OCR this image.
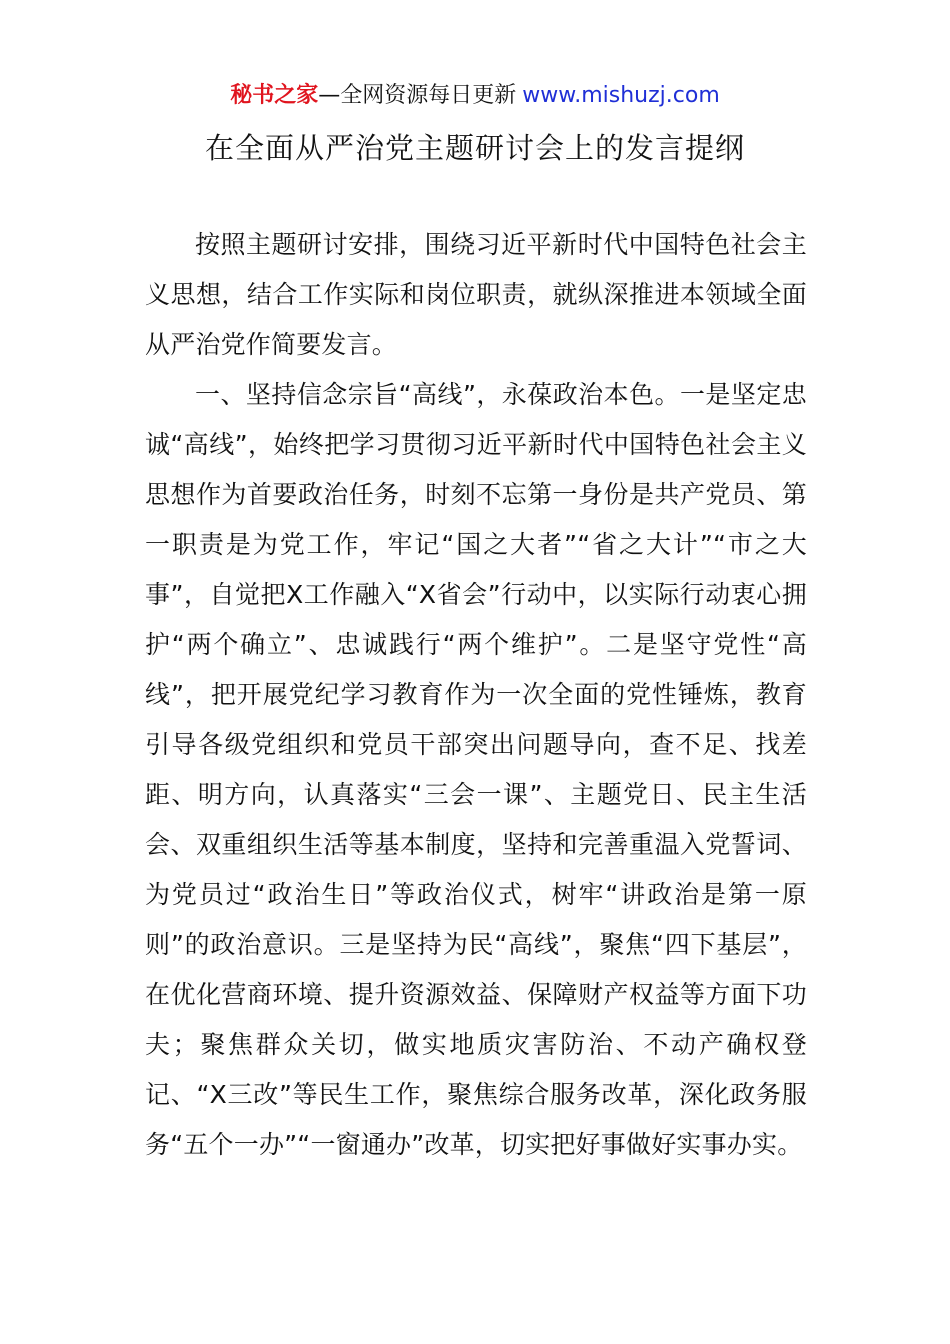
秘书之家—全网资源每日更新 www.mishuzj.com
在全面从严治党主题研讨会上的发言提纲

按照主题研讨安排，围绕习近平新时代中国特色社会主义思想，结合工作实际和岗位职责，就纵深推进本领域全面从严治党作简要发言。

一、坚持信念宗旨“高线”，永葆政治本色。一是坚定忠诚“高线”，始终把学习贯彻习近平新时代中国特色社会主义思想作为首要政治任务，时刻不忘第一身份是共产党员、第一职责是为党工作，牢记“国之大者”“省之大计”“市之大事”，自觉把X工作融入“X省会”行动中，以实际行动衷心拥护“两个确立”、忠诚践行“两个维护”。二是坚守党性“高线”，把开展党纪学习教育作为一次全面的党性锤炼，教育引导各级党组织和党员干部突出问题导向，查不足、找差距、明方向，认真落实“三会一课”、主题党日、民主生活会、双重组织生活等基本制度，坚持和完善重温入党誓词、为党员过“政治生日”等政治仪式，树牢“讲政治是第一原则”的政治意识。三是坚持为民“高线”，聚焦“四下基层”，在优化营商环境、提升资源效益、保障财产权益等方面下功夫；聚焦群众关切，做实地质灾害防治、不动产确权登记、“X三改”等民生工作，聚焦综合服务改革，深化政务服务“五个一办”“一窗通办”改革，切实把好事做好实事办实。
